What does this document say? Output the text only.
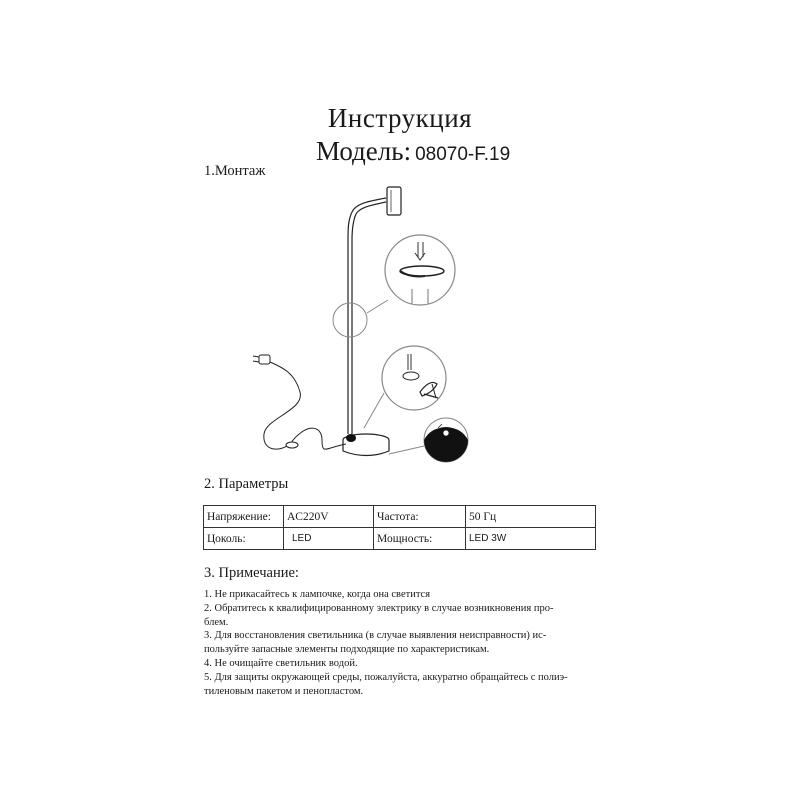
Инструкция
Модель: 08070-F.19
1.Монтаж
2. Параметры
Напряжение:	AC220V	Частота:	50 Гц
Цоколь:	LED	Мощность:	LED 3W
3. Примечание:
1. Не прикасайтесь к лампочке, когда она светится
2. Обратитесь к квалифицированному электрику в случае возникновения про-
блем.
3. Для восстановления светильника (в случае выявления неисправности) ис-
пользуйте запасные элементы подходящие по характеристикам.
4. Не очищайте светильник водой.
5. Для защиты окружающей среды, пожалуйста, аккуратно обращайтесь с полиэ-
тиленовым пакетом и пенопластом.
